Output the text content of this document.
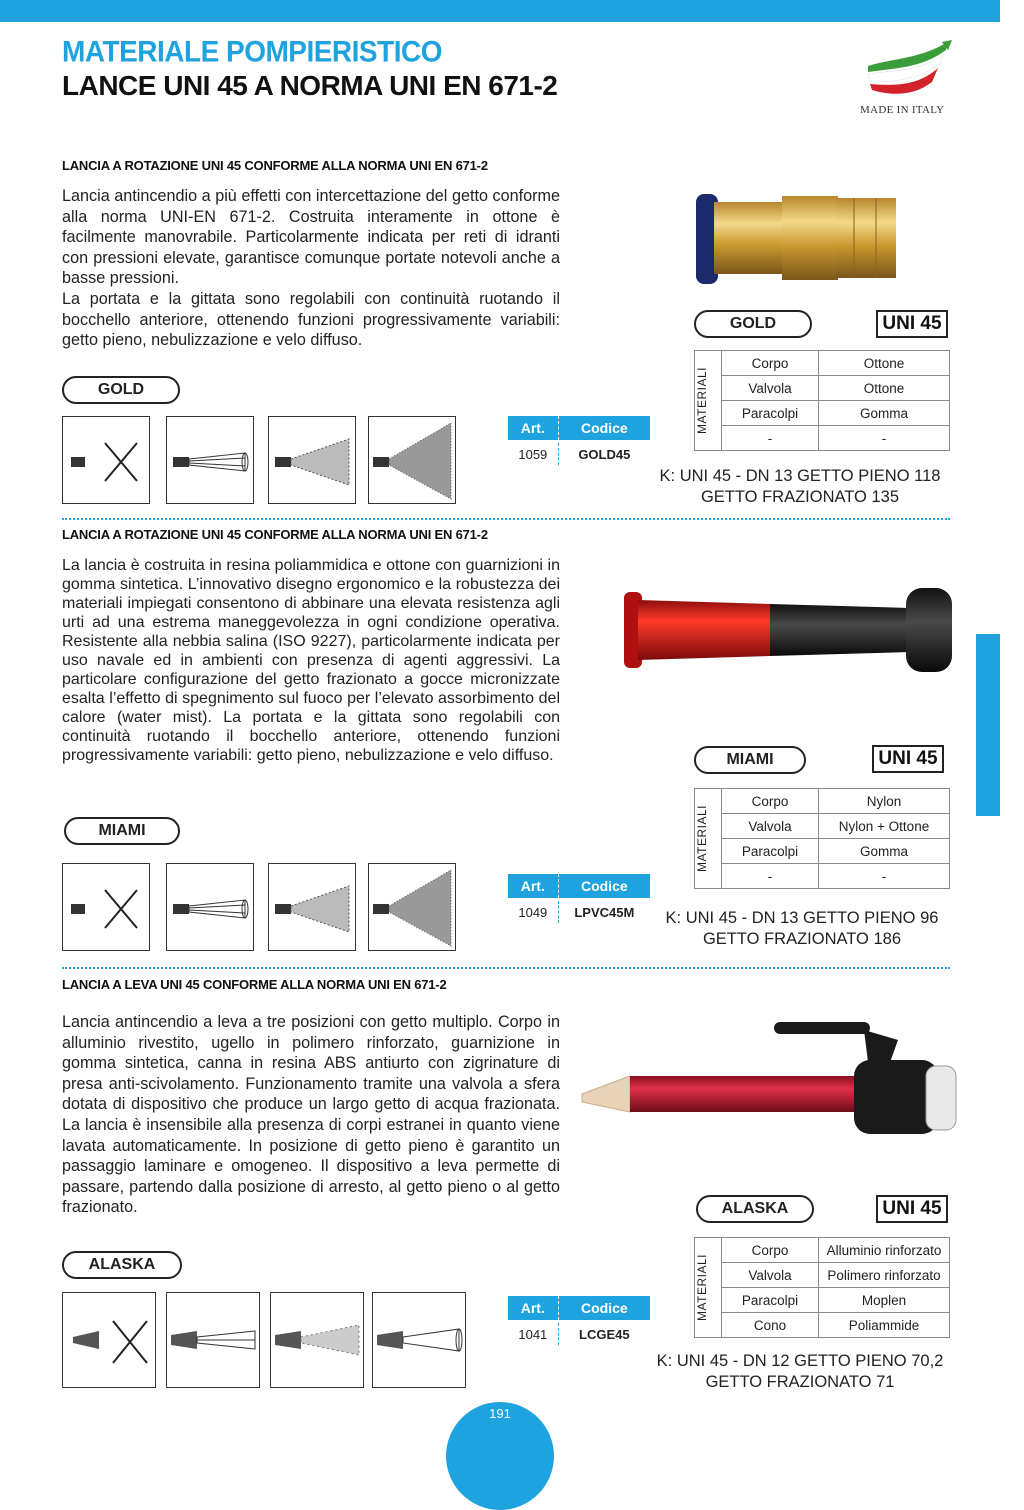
MATERIALE POMPIERISTICO
LANCE UNI 45 A NORMA UNI EN 671-2
MADE IN ITALY
LANCIA A ROTAZIONE UNI 45 CONFORME ALLA NORMA UNI EN 671-2
Lancia antincendio a più effetti con intercettazione del getto conforme alla norma UNI-EN 671-2. Costruita interamente in ottone è facilmente manovrabile. Particolarmente indicata per reti di idranti con pressioni elevate, garantisce comunque portate notevoli anche a basse pressioni.
La portata e la gittata sono regolabili con continuità ruotando il bocchello anteriore, ottenendo funzioni progressivamente variabili: getto pieno, nebulizzazione e velo diffuso.
GOLD
Art.	Codice
1059	GOLD45
GOLD	UNI 45
MATERIALI	Corpo	Ottone
	Valvola	Ottone
	Paracolpi	Gomma
	-	-
K: UNI 45 - DN 13 GETTO PIENO 118
GETTO FRAZIONATO 135
LANCIA A ROTAZIONE UNI 45 CONFORME ALLA NORMA UNI EN 671-2
La lancia è costruita in resina poliammidica e ottone con guarnizioni in gomma sintetica. L’innovativo disegno ergonomico e la robustezza dei materiali impiegati consentono di abbinare una elevata resistenza agli urti ad una estrema maneggevolezza in ogni condizione operativa. Resistente alla nebbia salina (ISO 9227), particolarmente indicata per uso navale ed in ambienti con presenza di agenti aggressivi. La particolare configurazione del getto frazionato a gocce micronizzate esalta l’effetto di spegnimento sul fuoco per l’elevato assorbimento del calore (water mist). La portata e la gittata sono regolabili con continuità ruotando il bocchello anteriore, ottenendo funzioni progressivamente variabili: getto pieno, nebulizzazione e velo diffuso.
MIAMI
Art.	Codice
1049	LPVC45M
MIAMI	UNI 45
MATERIALI	Corpo	Nylon
	Valvola	Nylon + Ottone
	Paracolpi	Gomma
	-	-
K: UNI 45 - DN 13 GETTO PIENO 96
GETTO FRAZIONATO 186
LANCIA A LEVA UNI 45 CONFORME ALLA NORMA UNI EN 671-2
Lancia antincendio a leva a tre posizioni con getto multiplo. Corpo in alluminio rivestito, ugello in polimero rinforzato, guarnizione in gomma sintetica, canna in resina ABS antiurto con zigrinature di presa anti-scivolamento. Funzionamento tramite una valvola a sfera dotata di dispositivo che produce un largo getto di acqua frazionata. La lancia è insensibile alla presenza di corpi estranei in quanto viene lavata automaticamente. In posizione di getto pieno è garantito un passaggio laminare e omogeneo. Il dispositivo a leva permette di passare, partendo dalla posizione di arresto, al getto pieno o al getto frazionato.
ALASKA
Art.	Codice
1041	LCGE45
ALASKA	UNI 45
MATERIALI	Corpo	Alluminio rinforzato
	Valvola	Polimero rinforzato
	Paracolpi	Moplen
	Cono	Poliammide
K: UNI 45 - DN 12 GETTO PIENO 70,2
GETTO FRAZIONATO 71
191
